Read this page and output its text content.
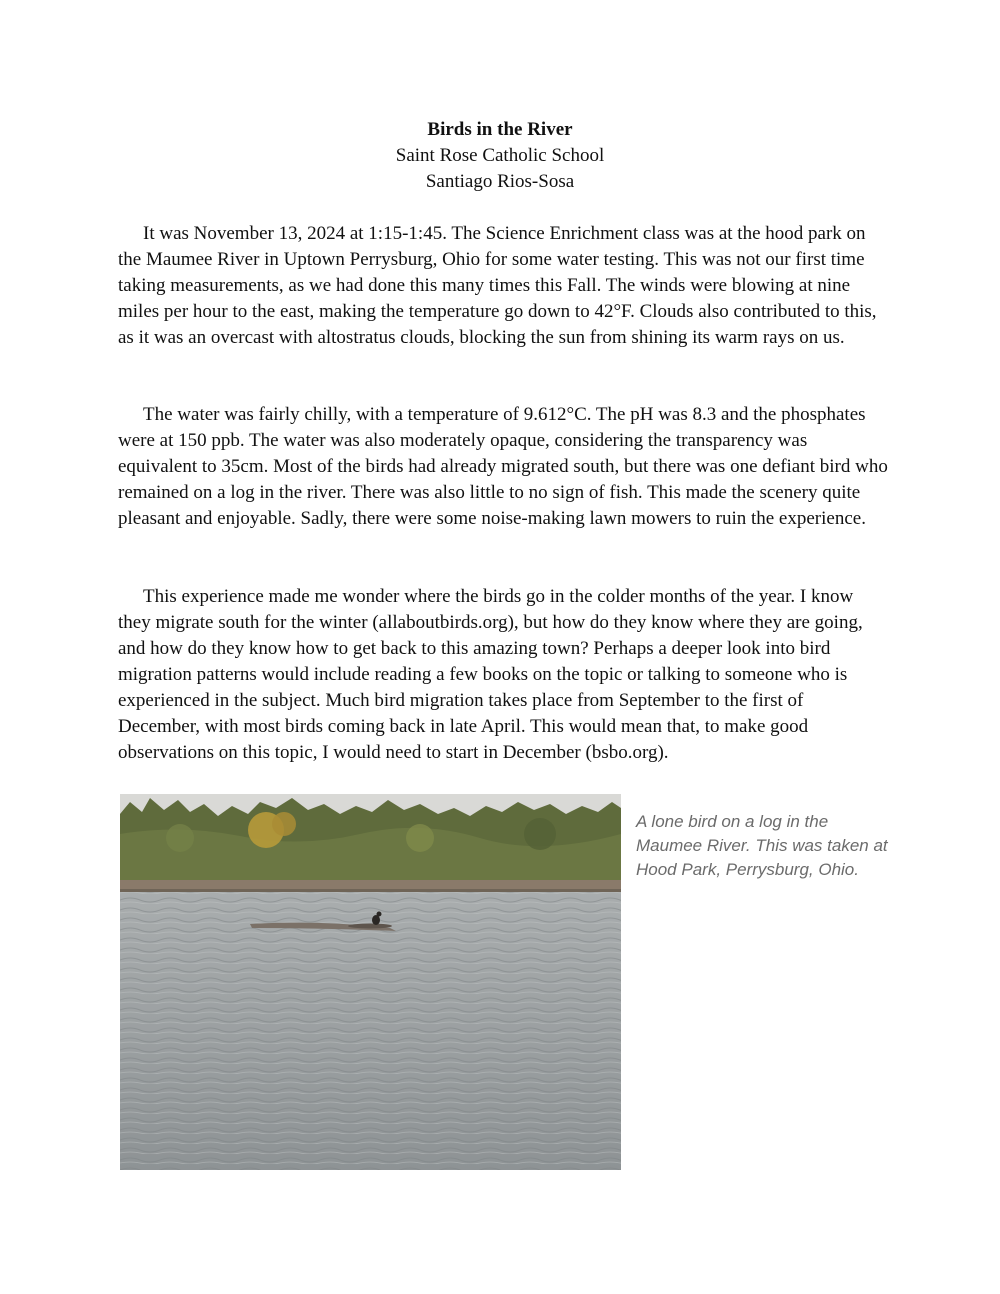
Birds in the River
Saint Rose Catholic School
Santiago Rios-Sosa

It was November 13, 2024 at 1:15-1:45. The Science Enrichment class was at the hood park on the Maumee River in Uptown Perrysburg, Ohio for some water testing. This was not our first time taking measurements, as we had done this many times this Fall. The winds were blowing at nine miles per hour to the east, making the temperature go down to 42°F. Clouds also contributed to this, as it was an overcast with altostratus clouds, blocking the sun from shining its warm rays on us.

The water was fairly chilly, with a temperature of 9.612°C. The pH was 8.3 and the phosphates were at 150 ppb. The water was also moderately opaque, considering the transparency was equivalent to 35cm. Most of the birds had already migrated south, but there was one defiant bird who remained on a log in the river. There was also little to no sign of fish. This made the scenery quite pleasant and enjoyable. Sadly, there were some noise-making lawn mowers to ruin the experience.

This experience made me wonder where the birds go in the colder months of the year. I know they migrate south for the winter (allaboutbirds.org), but how do they know where they are going, and how do they know how to get back to this amazing town? Perhaps a deeper look into bird migration patterns would include reading a few books on the topic or talking to someone who is experienced in the subject. Much bird migration takes place from September to the first of December, with most birds coming back in late April. This would mean that, to make good observations on this topic, I would need to start in December (bsbo.org).

A lone bird on a log in the Maumee River. This was taken at Hood Park, Perrysburg, Ohio.
